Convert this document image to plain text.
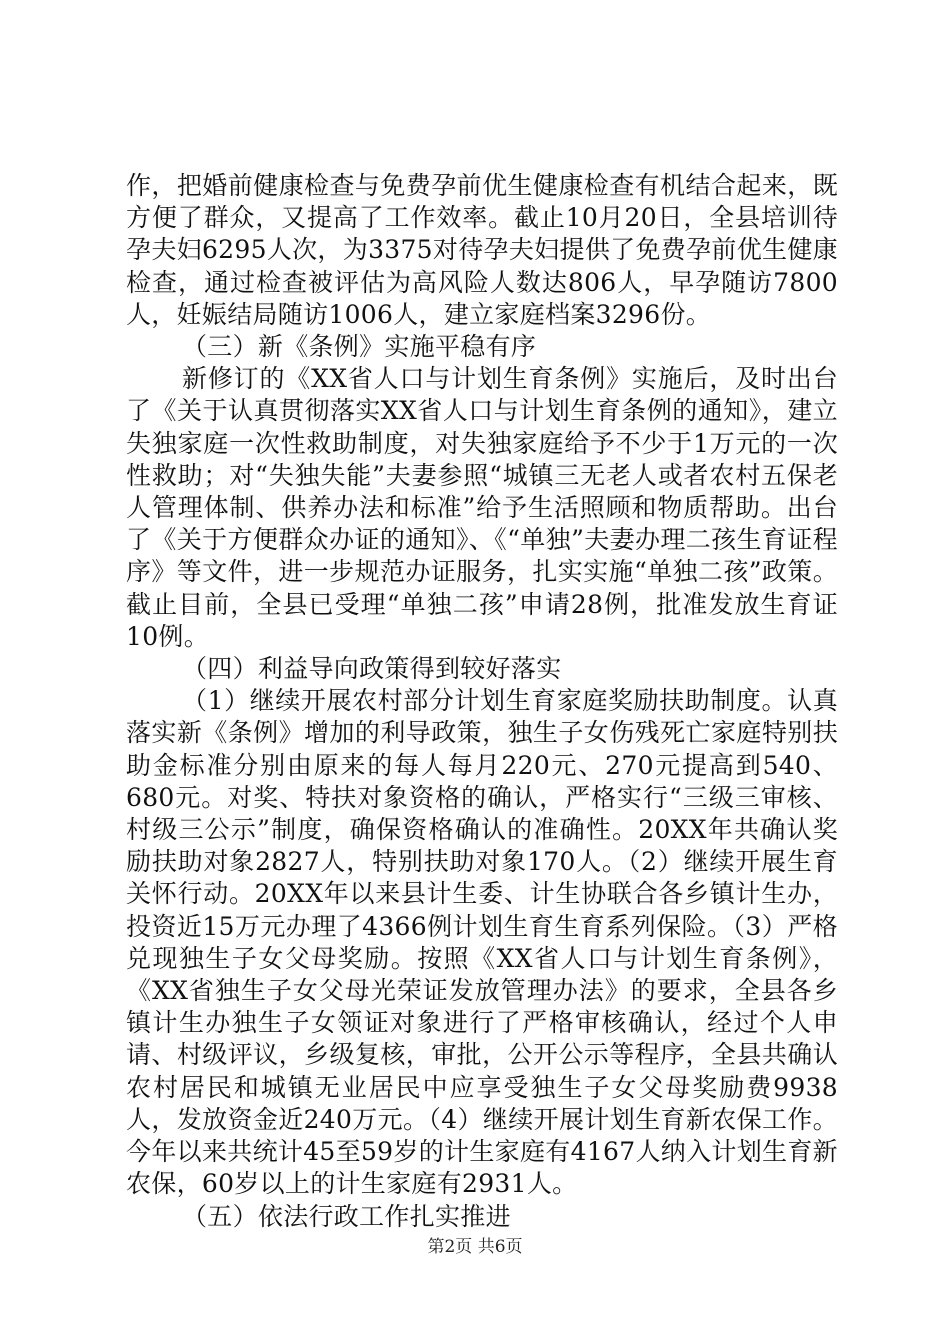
作，把婚前健康检查与免费孕前优生健康检查有机结合起来，既方便了群众，又提高了工作效率。截止10月20日，全县培训待孕夫妇6295人次，为3375对待孕夫妇提供了免费孕前优生健康检查，通过检查被评估为高风险人数达806人，早孕随访7800人，妊娠结局随访1006人，建立家庭档案3296份。

（三）新《条例》实施平稳有序

新修订的《XX省人口与计划生育条例》实施后，及时出台了《关于认真贯彻落实XX省人口与计划生育条例的通知》，建立失独家庭一次性救助制度，对失独家庭给予不少于1万元的一次性救助；对“失独失能”夫妻参照“城镇三无老人或者农村五保老人管理体制、供养办法和标准”给予生活照顾和物质帮助。出台了《关于方便群众办证的通知》、《“单独”夫妻办理二孩生育证程序》等文件，进一步规范办证服务，扎实实施“单独二孩”政策。截止目前，全县已受理“单独二孩”申请28例，批准发放生育证10例。

（四）利益导向政策得到较好落实

（1）继续开展农村部分计划生育家庭奖励扶助制度。认真落实新《条例》增加的利导政策，独生子女伤残死亡家庭特别扶助金标准分别由原来的每人每月220元、270元提高到540、680元。对奖、特扶对象资格的确认，严格实行“三级三审核、村级三公示”制度，确保资格确认的准确性。20XX年共确认奖励扶助对象2827人，特别扶助对象170人。（2）继续开展生育关怀行动。20XX年以来县计生委、计生协联合各乡镇计生办，投资近15万元办理了4366例计划生育生育系列保险。（3）严格兑现独生子女父母奖励。按照《XX省人口与计划生育条例》，《XX省独生子女父母光荣证发放管理办法》的要求，全县各乡镇计生办独生子女领证对象进行了严格审核确认，经过个人申请、村级评议，乡级复核，审批，公开公示等程序，全县共确认农村居民和城镇无业居民中应享受独生子女父母奖励费9938人，发放资金近240万元。（4）继续开展计划生育新农保工作。今年以来共统计45至59岁的计生家庭有4167人纳入计划生育新农保，60岁以上的计生家庭有2931人。

（五）依法行政工作扎实推进

第2页 共6页
